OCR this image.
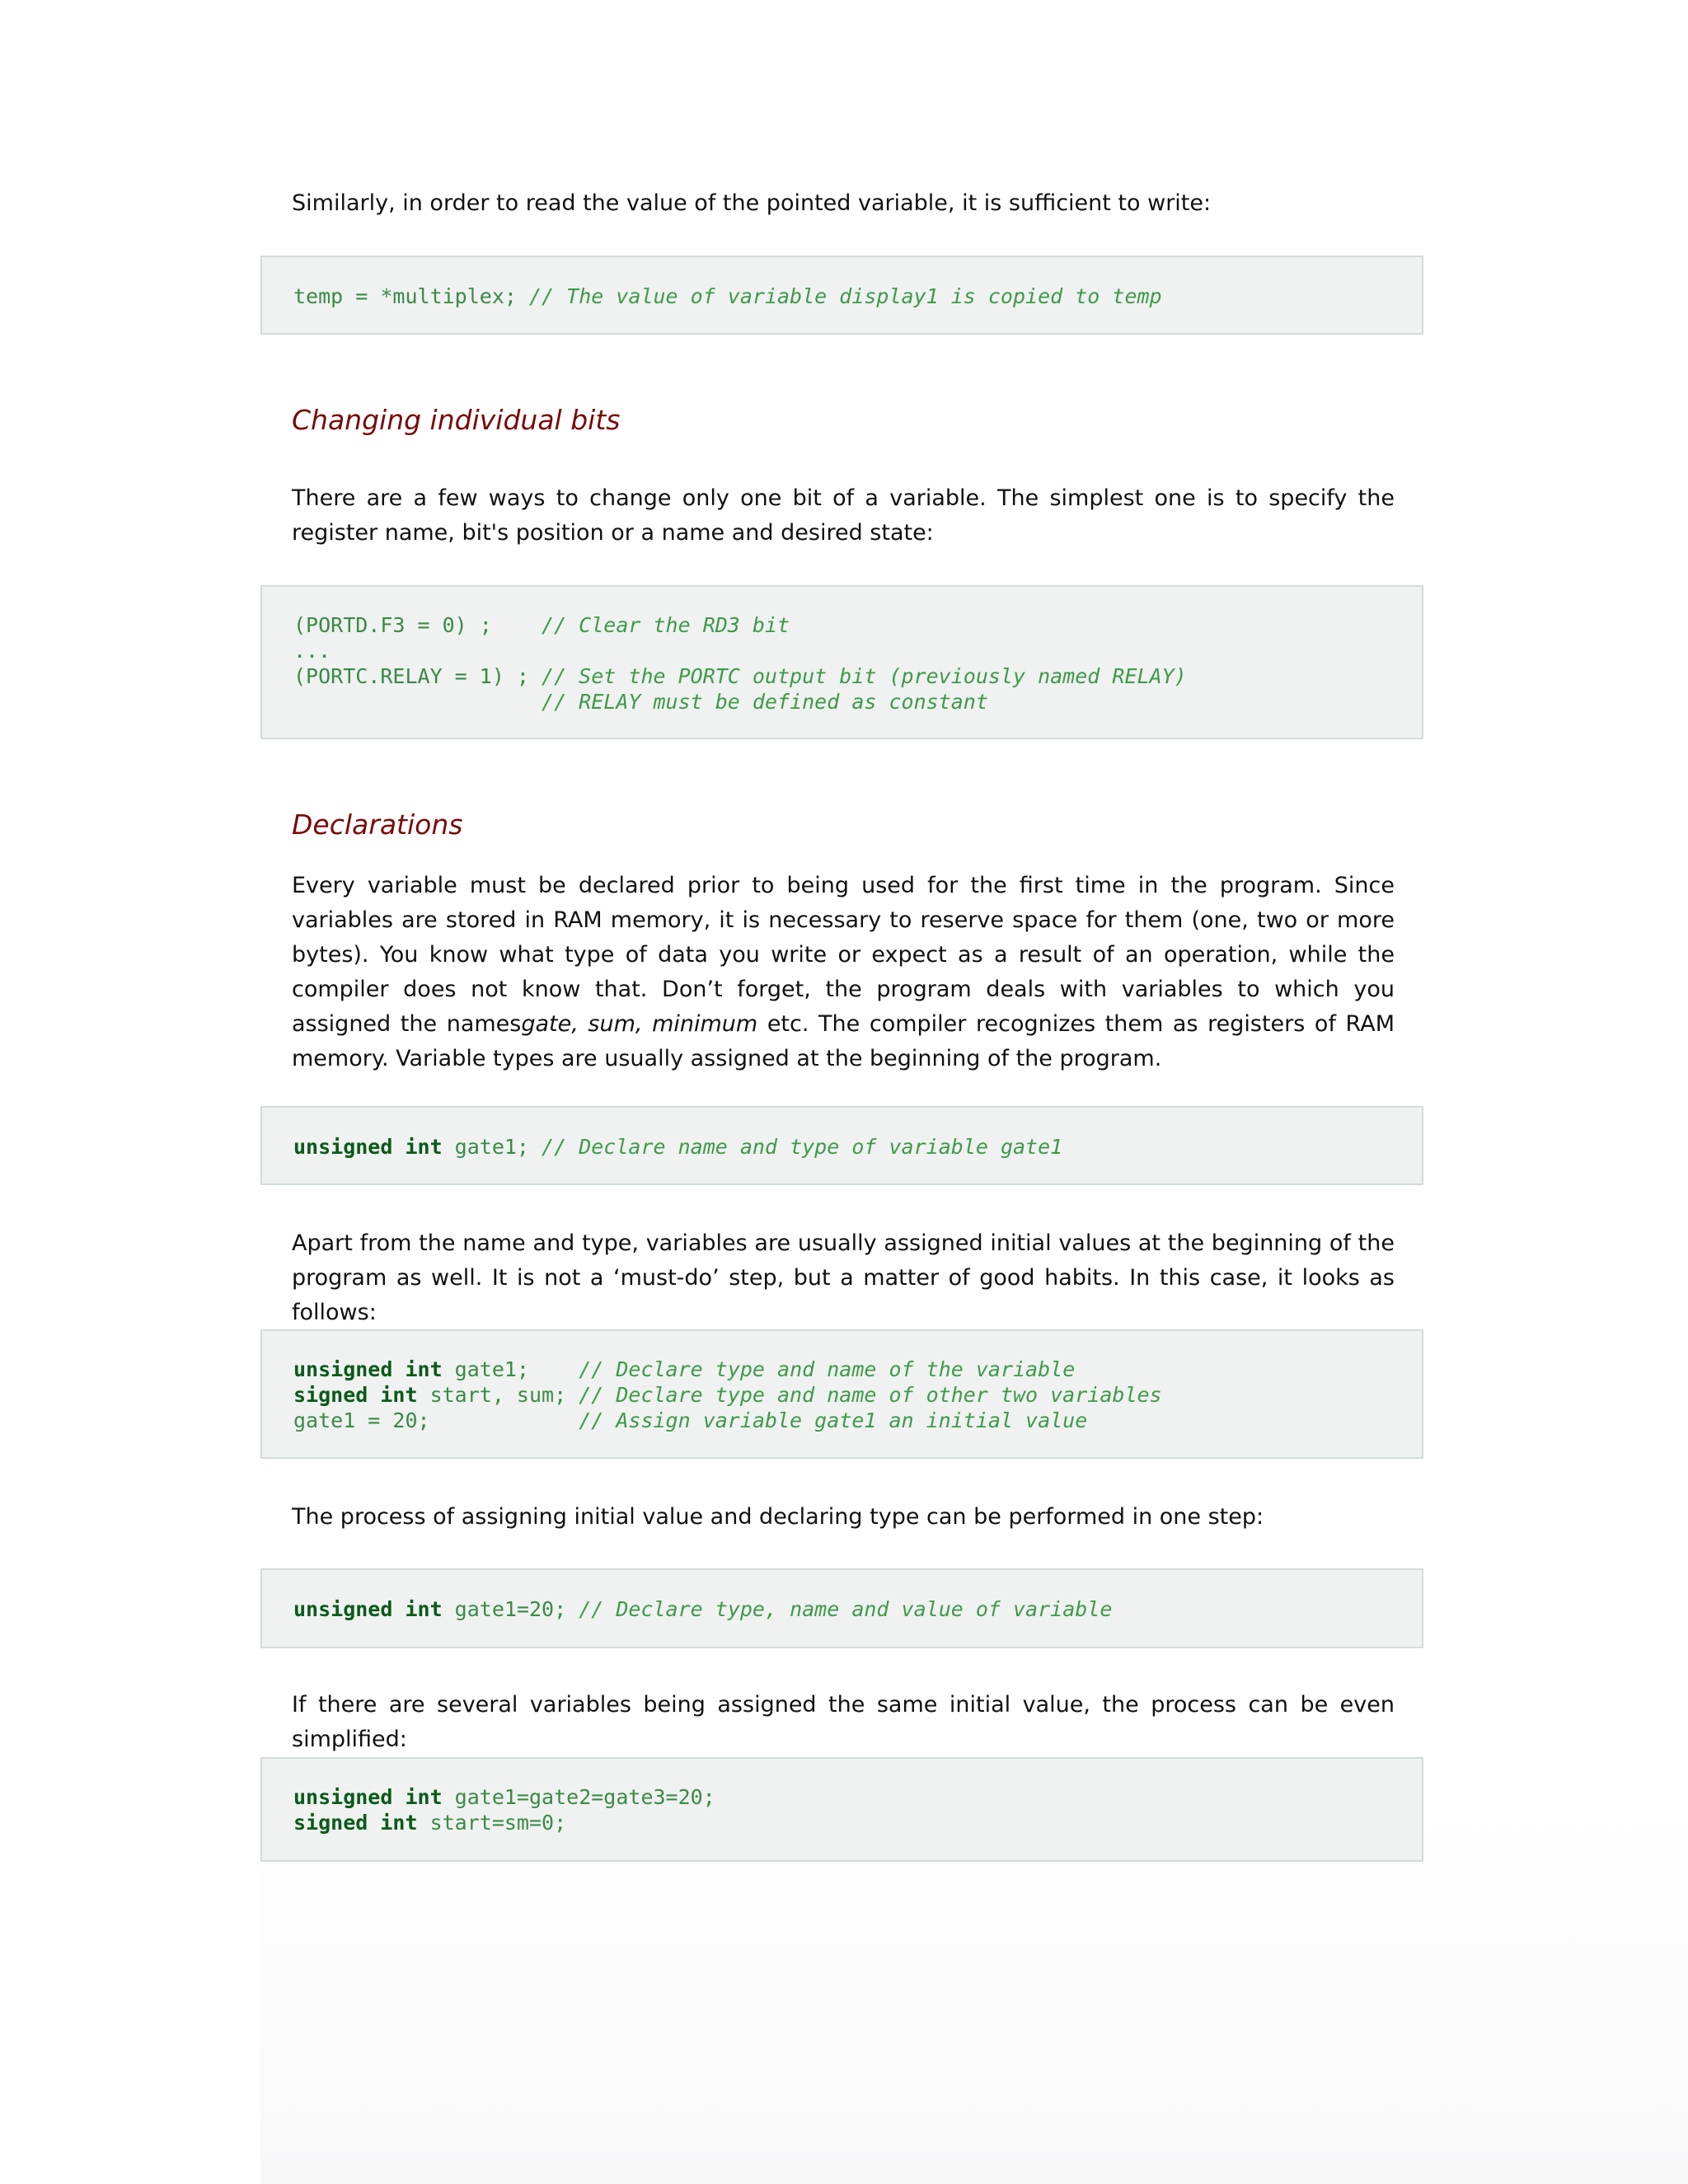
Similarly, in order to read the value of the pointed variable, it is sufficient to write:

temp = *multiplex; // The value of variable display1 is copied to temp
Changing individual bits

There are a few ways to change only one bit of a variable. The simplest one is to specify the register name, bit's position or a name and desired state:

(PORTD.F3 = 0) ;    // Clear the RD3 bit
...
(PORTC.RELAY = 1) ; // Set the PORTC output bit (previously named RELAY)
// RELAY must be defined as constant
Declarations

Every variable must be declared prior to being used for the first time in the program. Since variables are stored in RAM memory, it is necessary to reserve space for them (one, two or more bytes). You know what type of data you write or expect as a result of an operation, while the compiler does not know that. Don’t forget, the program deals with variables to which you assigned the namesgate, sum, minimum etc. The compiler recognizes them as registers of RAM memory. Variable types are usually assigned at the beginning of the program.

unsigned int gate1; // Declare name and type of variable gate1

Apart from the name and type, variables are usually assigned initial values at the beginning of the program as well. It is not a ‘must-do’ step, but a matter of good habits. In this case, it looks as follows:

unsigned int gate1;    // Declare type and name of the variable
signed int start, sum; // Declare type and name of other two variables
gate1 = 20;            // Assign variable gate1 an initial value

The process of assigning initial value and declaring type can be performed in one step:

unsigned int gate1=20; // Declare type, name and value of variable

If there are several variables being assigned the same initial value, the process can be even simplified:

unsigned int gate1=gate2=gate3=20;
signed int start=sm=0;
